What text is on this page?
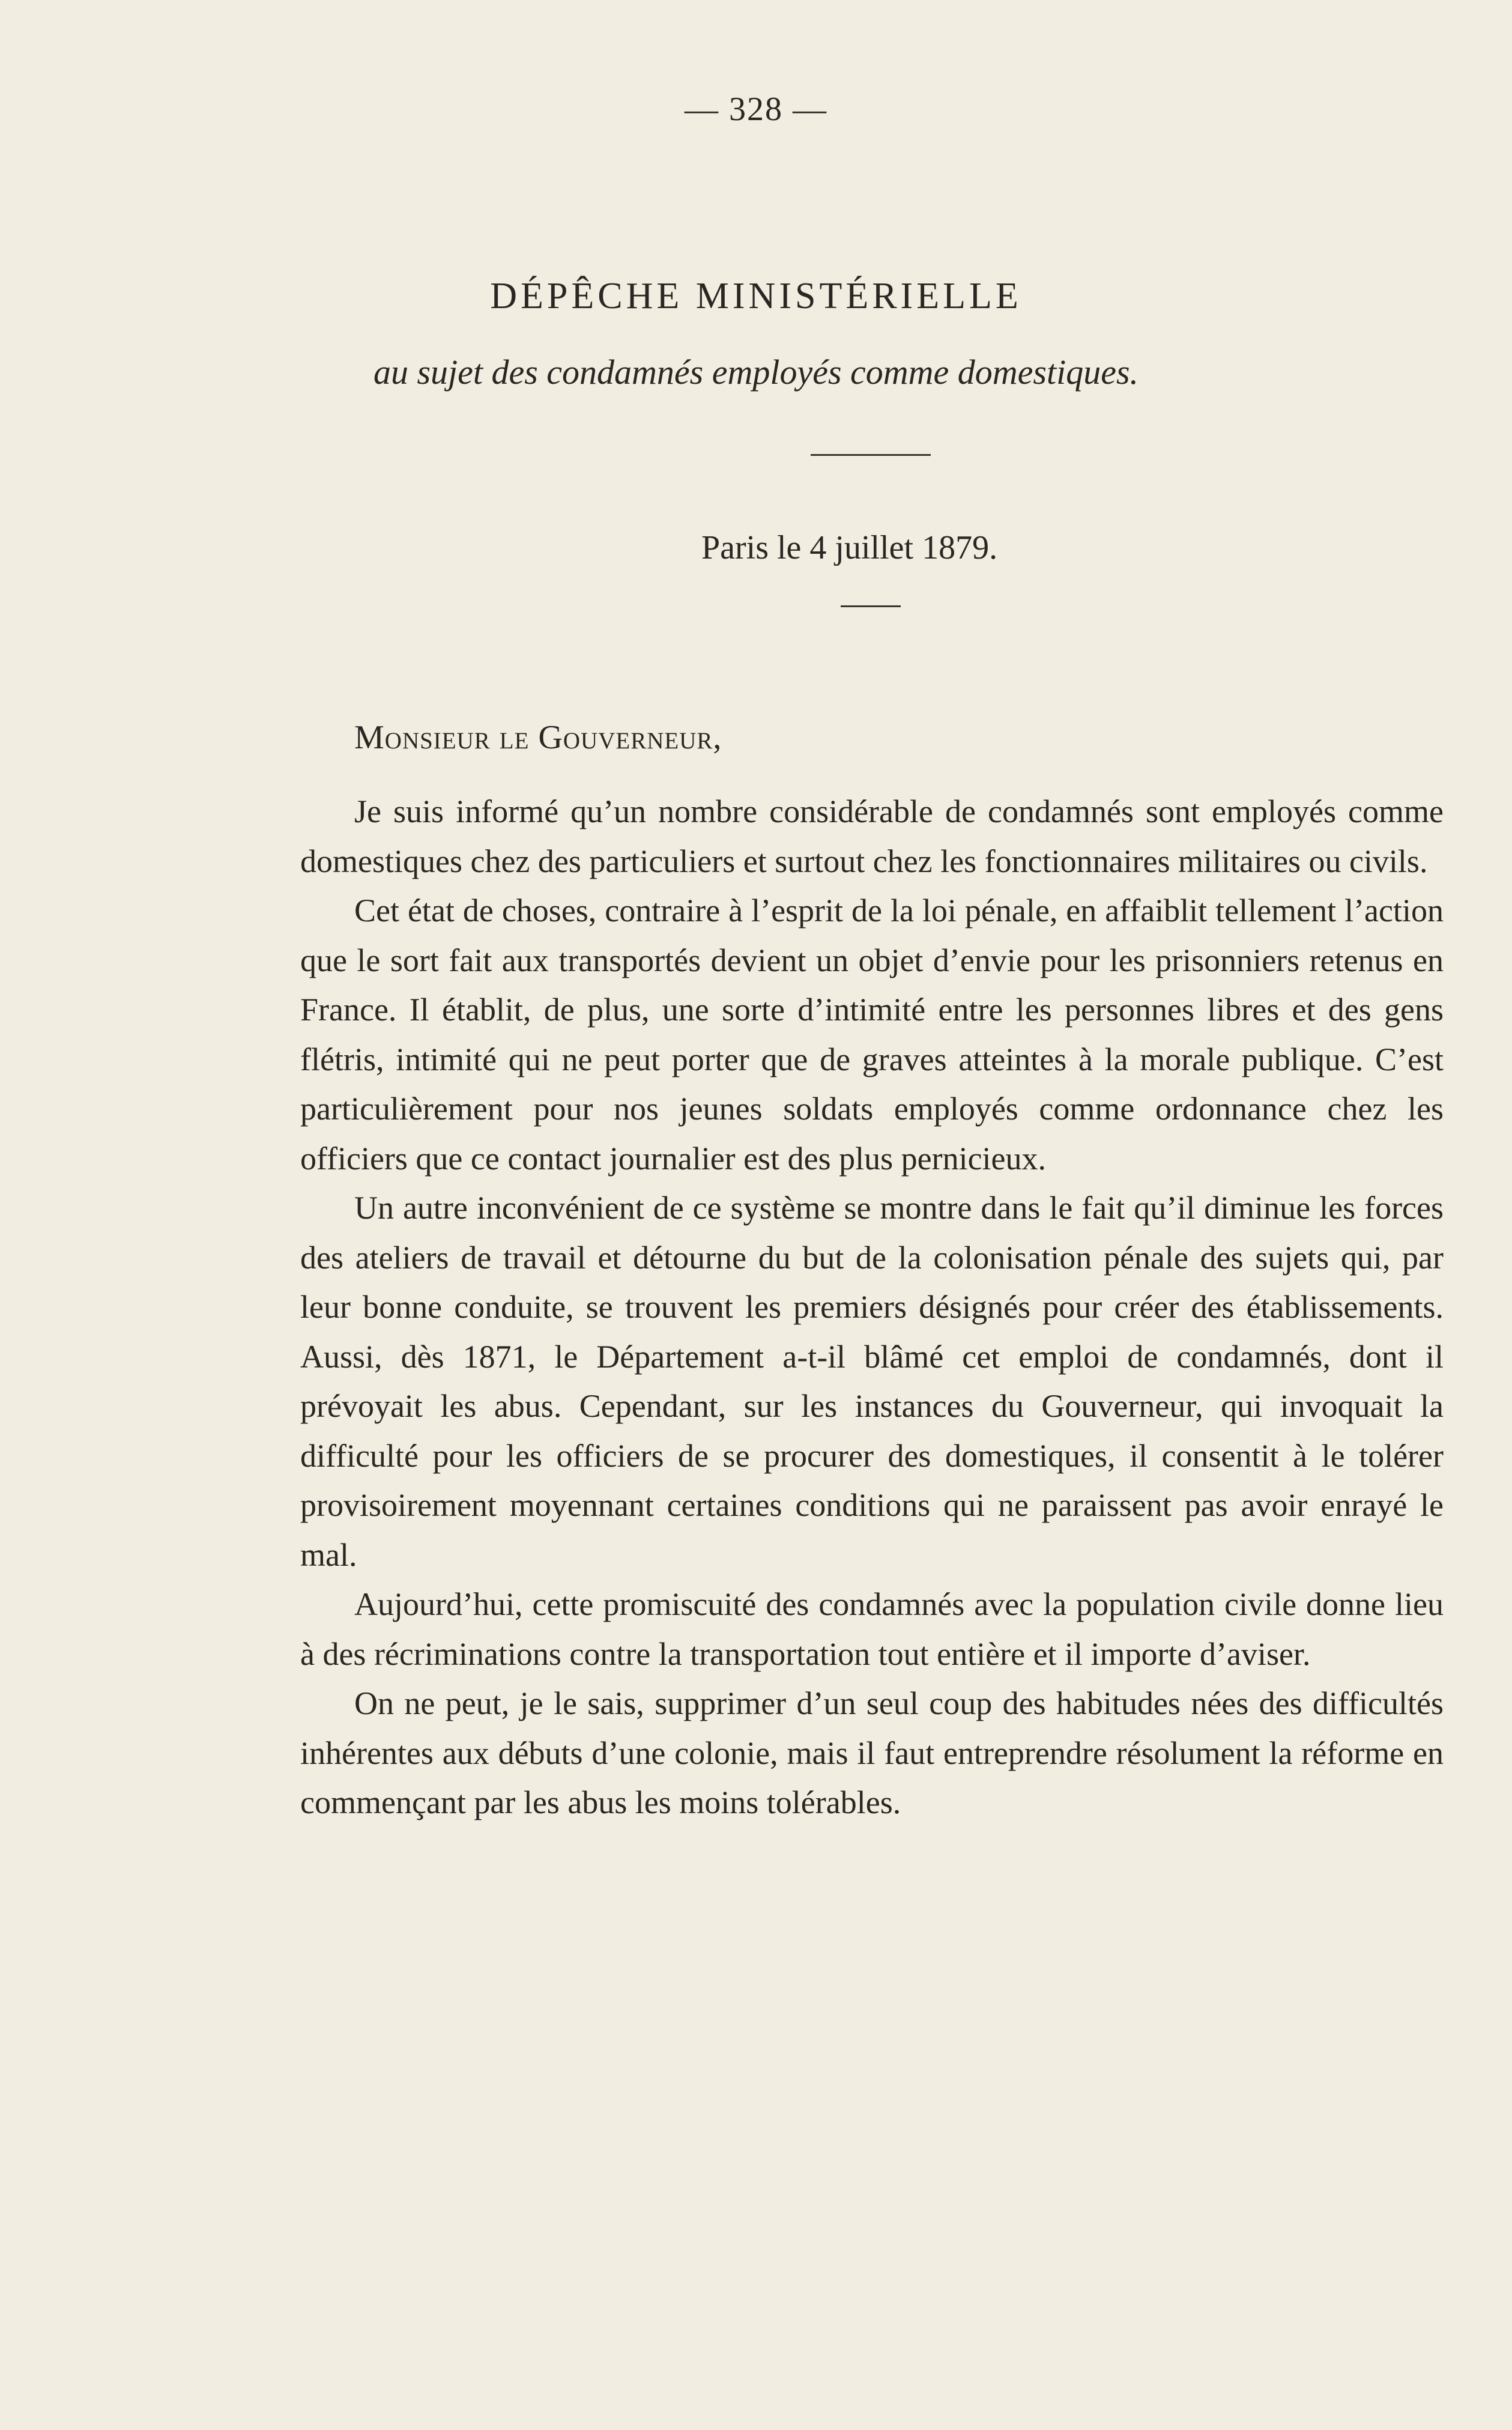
— 328 —
DÉPÊCHE MINISTÉRIELLE
au sujet des condamnés employés comme domestiques.
Paris le 4 juillet 1879.
Monsieur le Gouverneur,

Je suis informé qu’un nombre considérable de condamnés sont employés comme domestiques chez des particuliers et surtout chez les fonctionnaires militaires ou civils.

Cet état de choses, contraire à l’esprit de la loi pénale, en affaiblit tellement l’action que le sort fait aux transportés devient un objet d’envie pour les prisonniers retenus en France. Il établit, de plus, une sorte d’intimité entre les personnes libres et des gens flétris, intimité qui ne peut porter que de graves atteintes à la morale publique. C’est particulièrement pour nos jeunes soldats employés comme ordonnance chez les officiers que ce contact journalier est des plus pernicieux.

Un autre inconvénient de ce système se montre dans le fait qu’il diminue les forces des ateliers de travail et détourne du but de la colonisation pénale des sujets qui, par leur bonne conduite, se trouvent les premiers désignés pour créer des établissements. Aussi, dès 1871, le Département a-t-il blâmé cet emploi de condamnés, dont il prévoyait les abus. Cependant, sur les instances du Gouverneur, qui invoquait la difficulté pour les officiers de se procurer des domestiques, il consentit à le tolérer provisoirement moyennant certaines conditions qui ne paraissent pas avoir enrayé le mal.

Aujourd’hui, cette promiscuité des condamnés avec la population civile donne lieu à des récriminations contre la transportation tout entière et il importe d’aviser.

On ne peut, je le sais, supprimer d’un seul coup des habitudes nées des difficultés inhérentes aux débuts d’une colonie, mais il faut entreprendre résolument la réforme en commençant par les abus les moins tolérables.
